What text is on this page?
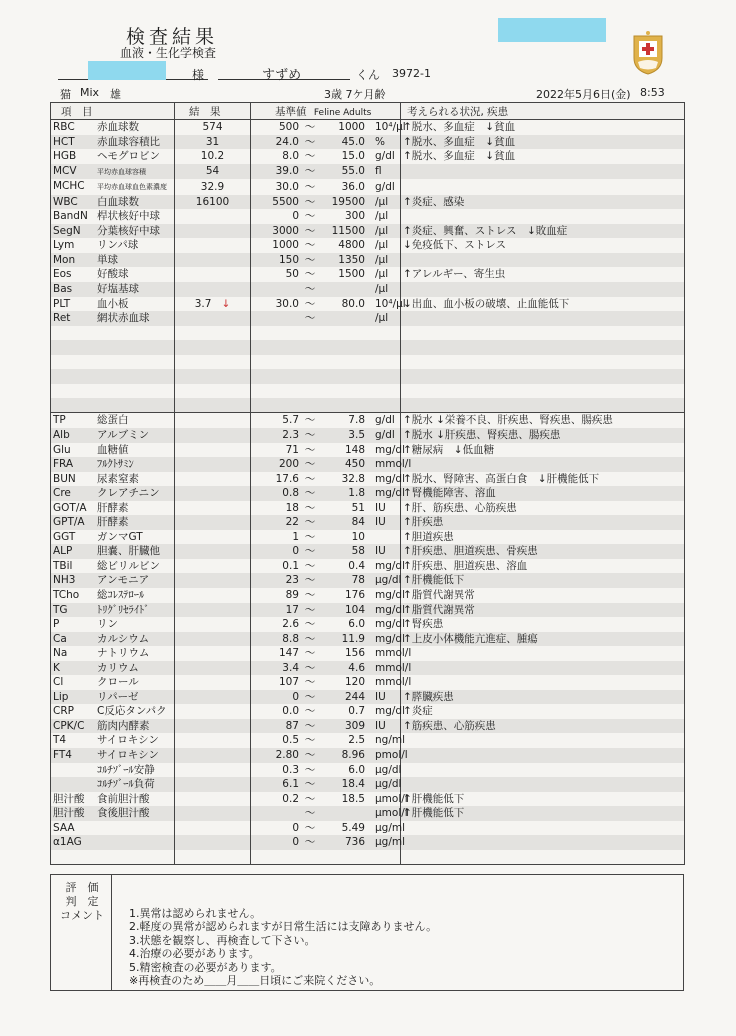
検査結果
血液・生化学検査
様	すずめ	くん 3972-1
猫 Mix 雄	3歳 7ケ月齢	2022年5月6日(金) 8:53
項　目	結　果	基準値 Feline Adults	考えられる状況, 疾患
RBC 赤血球数	574	500 ～ 1000 10⁴/μl	↑脱水、多血症　↓貧血
HCT 赤血球容積比	31	24.0 ～ 45.0 %	↑脱水、多血症　↓貧血
HGB ヘモグロビン	10.2	8.0 ～ 15.0 g/dl	↑脱水、多血症　↓貧血
MCV 平均赤血球容積	54	39.0 ～ 55.0 fl	
MCHC 平均赤血球血色素濃度	32.9	30.0 ～ 36.0 g/dl	
WBC 白血球数	16100	5500 ～ 19500 /μl	↑炎症、感染
BandN 桿状核好中球		0 ～ 300 /μl	
SegN 分葉核好中球		3000 ～ 11500 /μl	↑炎症、興奮、ストレス　↓敗血症
Lym リンパ球		1000 ～ 4800 /μl	↓免疫低下、ストレス
Mon 単球		150 ～ 1350 /μl	
Eos 好酸球		50 ～ 1500 /μl	↑アレルギー、寄生虫
Bas 好塩基球		～ /μl	
PLT 血小板	3.7 ↓	30.0 ～ 80.0 10⁴/μl	↓出血、血小板の破壊、止血能低下
Ret 網状赤血球		～ /μl	

TP 総蛋白		5.7 ～ 7.8 g/dl	↑脱水 ↓栄養不良、肝疾患、腎疾患、腸疾患
Alb アルブミン		2.3 ～ 3.5 g/dl	↑脱水 ↓肝疾患、腎疾患、腸疾患
Glu 血糖値		71 ～ 148 mg/dl	↑糖尿病　↓低血糖
FRA ﾌﾙｸﾄｻﾐﾝ		200 ～ 450 mmol/l	
BUN 尿素窒素		17.6 ～ 32.8 mg/dl	↑脱水、腎障害、高蛋白食　↓肝機能低下
Cre クレアチニン		0.8 ～ 1.8 mg/dl	↑腎機能障害、溶血
GOT/A 肝酵素		18 ～ 51 IU	↑肝、筋疾患、心筋疾患
GPT/A 肝酵素		22 ～ 84 IU	↑肝疾患
GGT ガンマGT		1 ～ 10	↑胆道疾患
ALP 胆嚢、肝臓他		0 ～ 58 IU	↑肝疾患、胆道疾患、骨疾患
TBil 総ビリルビン		0.1 ～ 0.4 mg/dl	↑肝疾患、胆道疾患、溶血
NH3 アンモニア		23 ～ 78 μg/dl	↑肝機能低下
TCho 総ｺﾚｽﾃﾛｰﾙ		89 ～ 176 mg/dl	↑脂質代謝異常
TG ﾄﾘｸﾞﾘｾﾗｲﾄﾞ		17 ～ 104 mg/dl	↑脂質代謝異常
P リン		2.6 ～ 6.0 mg/dl	↑腎疾患
Ca カルシウム		8.8 ～ 11.9 mg/dl	↑上皮小体機能亢進症、腫瘍
Na ナトリウム		147 ～ 156 mmol/l	
K カリウム		3.4 ～ 4.6 mmol/l	
Cl クロール		107 ～ 120 mmol/l	
Lip リパーゼ		0 ～ 244 IU	↑膵臓疾患
CRP C反応タンパク		0.0 ～ 0.7 mg/dl	↑炎症
CPK/C 筋肉内酵素		87 ～ 309 IU	↑筋疾患、心筋疾患
T4 サイロキシン		0.5 ～ 2.5 ng/ml	
FT4 サイロキシン		2.80 ～ 8.96 pmol/l	
ｺﾙﾁｿﾞｰﾙ安静		0.3 ～ 6.0 μg/dl	
ｺﾙﾁｿﾞｰﾙ負荷		6.1 ～ 18.4 μg/dl	
胆汁酸 食前胆汁酸		0.2 ～ 18.5 μmol/l	↑肝機能低下
胆汁酸 食後胆汁酸		～ μmol/l	↑肝機能低下
SAA		0 ～ 5.49 μg/ml	
α1AG		0 ～ 736 μg/ml	

評　価
判　定
コメント	1.異常は認められません。
2.軽度の異常が認められますが日常生活には支障ありません。
3.状態を観察し、再検査して下さい。
4.治療の必要があります。
5.精密検査の必要があります。
※再検査のため＿＿月＿＿日頃にご来院ください。
